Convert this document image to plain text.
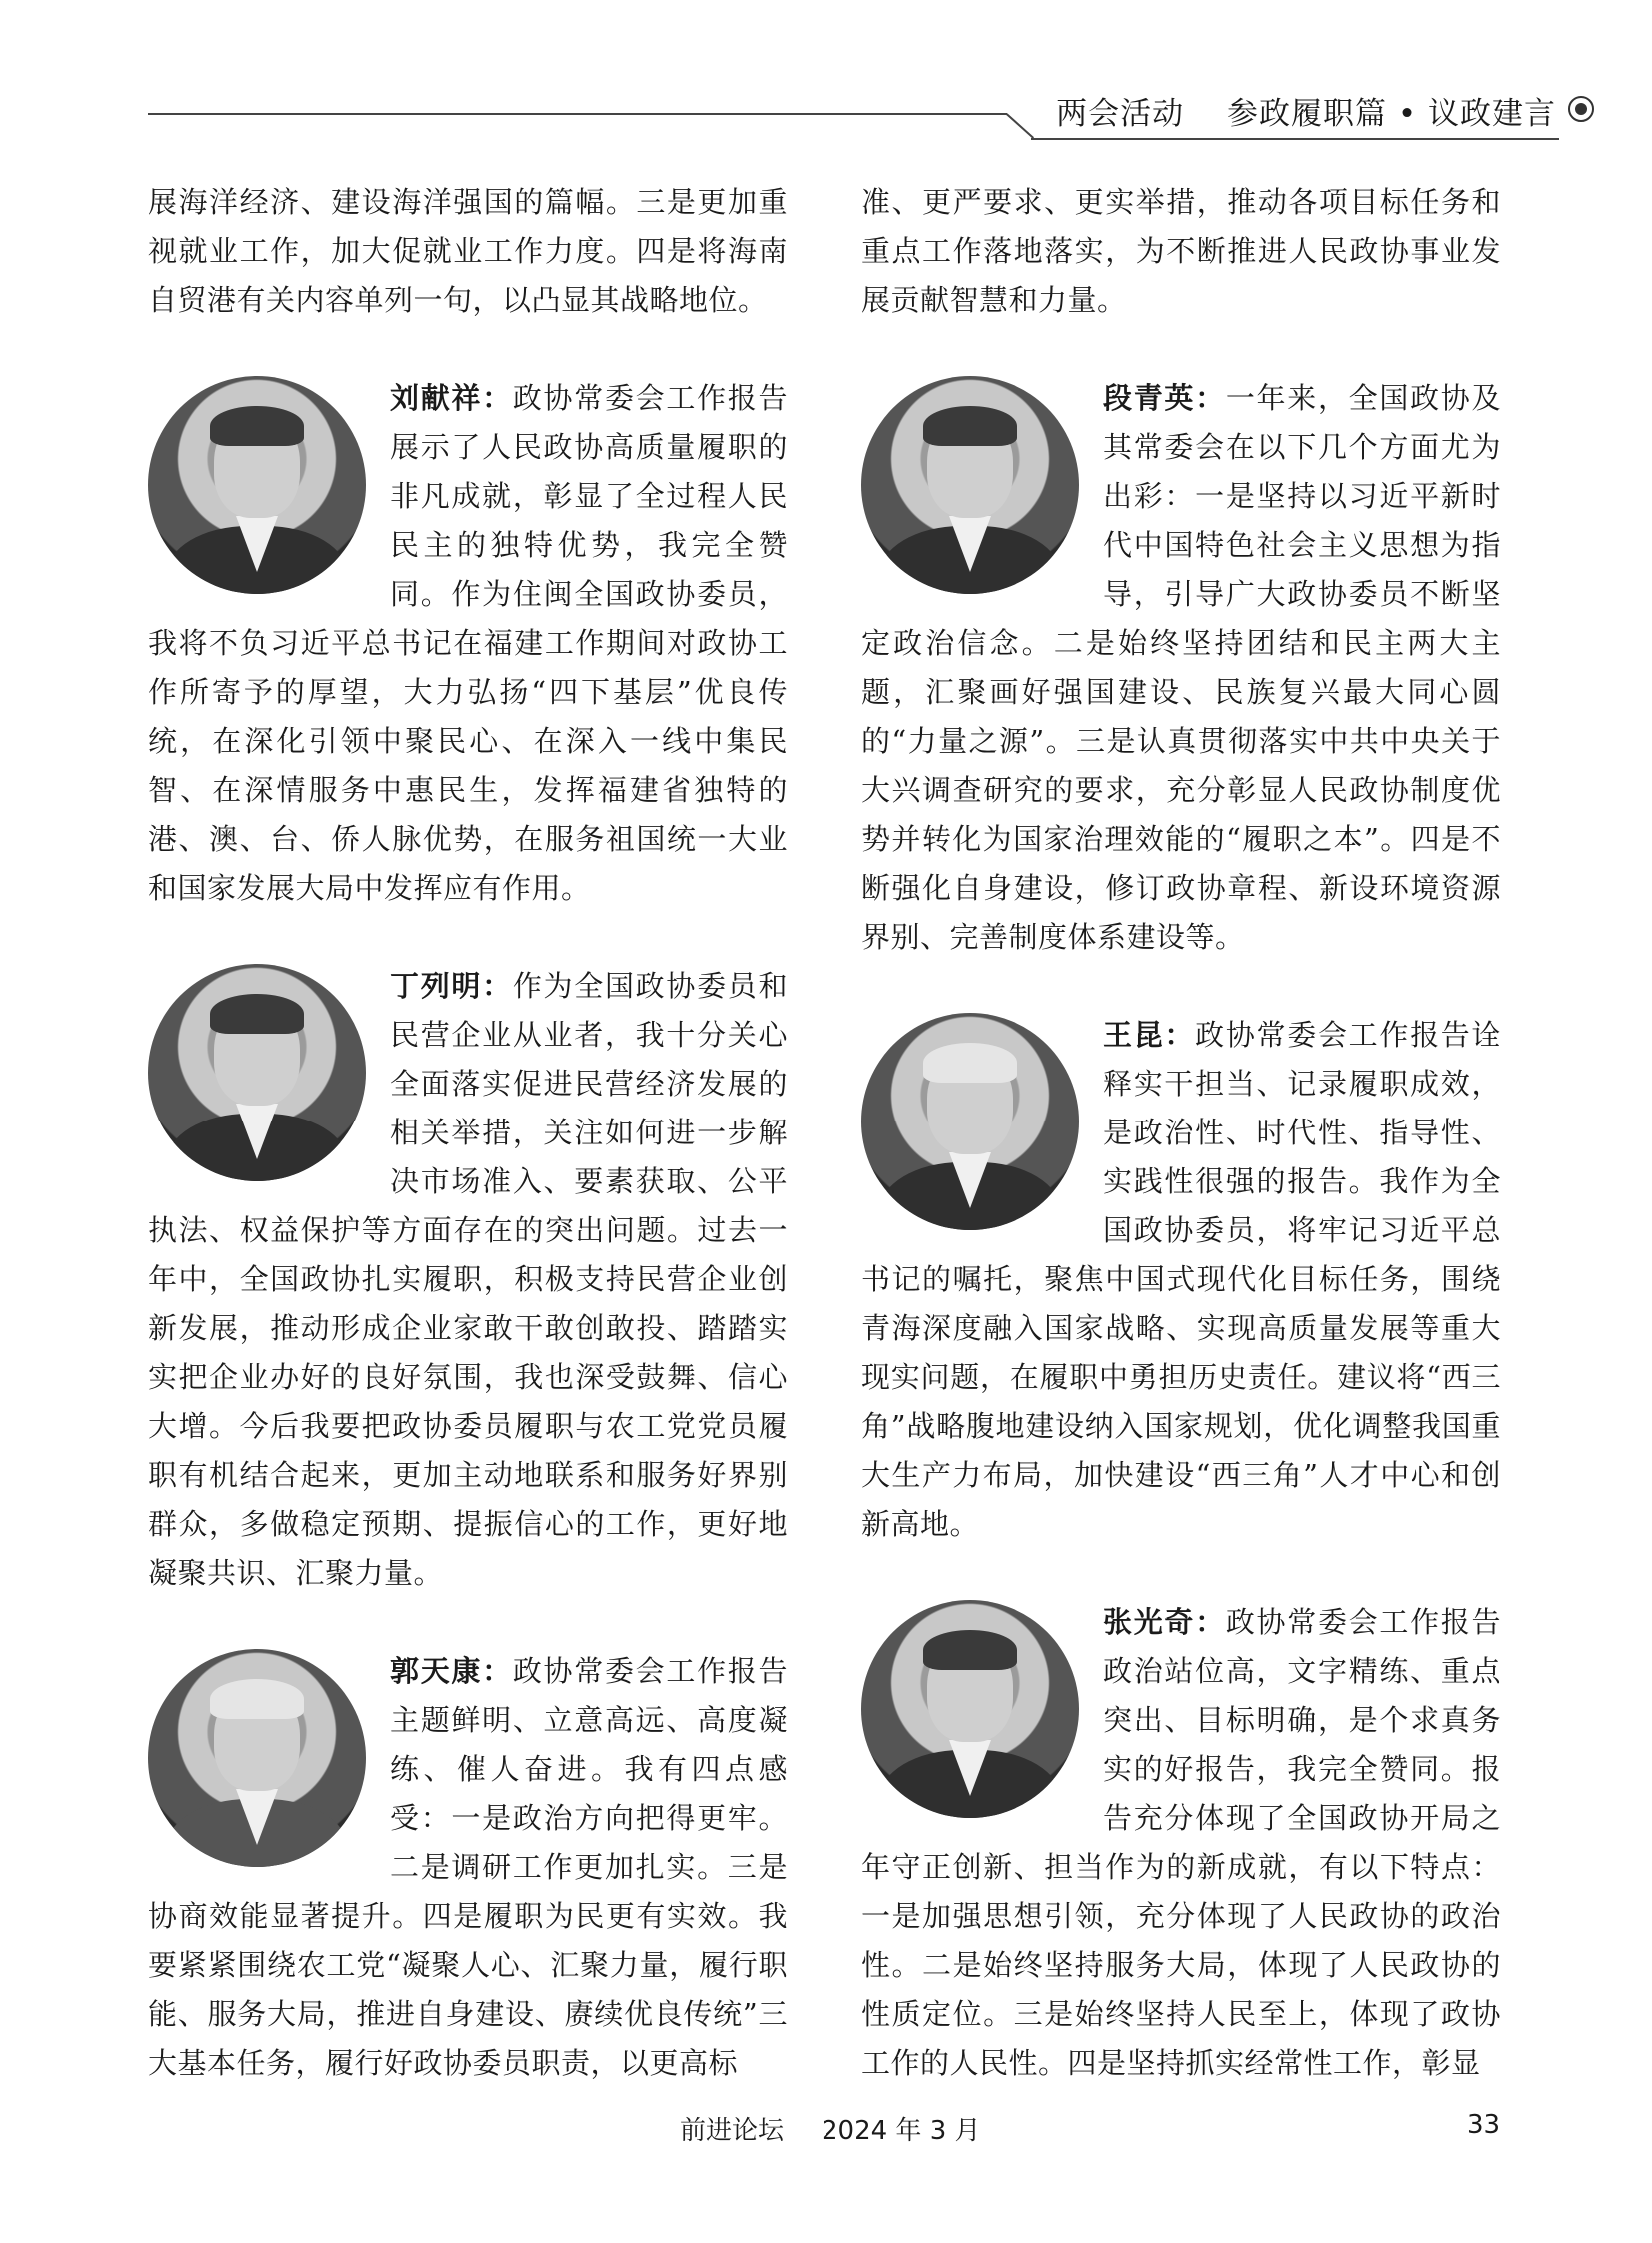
两会活动 参政履职篇 • 议政建言

展海洋经济、建设海洋强国的篇幅。三是更加重视就业工作，加大促就业工作力度。四是将海南自贸港有关内容单列一句，以凸显其战略地位。

刘献祥：政协常委会工作报告展示了人民政协高质量履职的非凡成就，彰显了全过程人民民主的独特优势，我完全赞同。作为住闽全国政协委员，我将不负习近平总书记在福建工作期间对政协工作所寄予的厚望，大力弘扬“四下基层”优良传统，在深化引领中聚民心、在深入一线中集民智、在深情服务中惠民生，发挥福建省独特的港、澳、台、侨人脉优势，在服务祖国统一大业和国家发展大局中发挥应有作用。

丁列明：作为全国政协委员和民营企业从业者，我十分关心全面落实促进民营经济发展的相关举措，关注如何进一步解决市场准入、要素获取、公平执法、权益保护等方面存在的突出问题。过去一年中，全国政协扎实履职，积极支持民营企业创新发展，推动形成企业家敢干敢创敢投、踏踏实实把企业办好的良好氛围，我也深受鼓舞、信心大增。今后我要把政协委员履职与农工党党员履职有机结合起来，更加主动地联系和服务好界别群众，多做稳定预期、提振信心的工作，更好地凝聚共识、汇聚力量。

郭天康：政协常委会工作报告主题鲜明、立意高远、高度凝练、催人奋进。我有四点感受：一是政治方向把得更牢。二是调研工作更加扎实。三是协商效能显著提升。四是履职为民更有实效。我要紧紧围绕农工党“凝聚人心、汇聚力量，履行职能、服务大局，推进自身建设、赓续优良传统”三大基本任务，履行好政协委员职责，以更高标

准、更严要求、更实举措，推动各项目标任务和重点工作落地落实，为不断推进人民政协事业发展贡献智慧和力量。

段青英：一年来，全国政协及其常委会在以下几个方面尤为出彩：一是坚持以习近平新时代中国特色社会主义思想为指导，引导广大政协委员不断坚定政治信念。二是始终坚持团结和民主两大主题，汇聚画好强国建设、民族复兴最大同心圆的“力量之源”。三是认真贯彻落实中共中央关于大兴调查研究的要求，充分彰显人民政协制度优势并转化为国家治理效能的“履职之本”。四是不断强化自身建设，修订政协章程、新设环境资源界别、完善制度体系建设等。

王昆：政协常委会工作报告诠释实干担当、记录履职成效，是政治性、时代性、指导性、实践性很强的报告。我作为全国政协委员，将牢记习近平总书记的嘱托，聚焦中国式现代化目标任务，围绕青海深度融入国家战略、实现高质量发展等重大现实问题，在履职中勇担历史责任。建议将“西三角”战略腹地建设纳入国家规划，优化调整我国重大生产力布局，加快建设“西三角”人才中心和创新高地。

张光奇：政协常委会工作报告政治站位高，文字精练、重点突出、目标明确，是个求真务实的好报告，我完全赞同。报告充分体现了全国政协开局之年守正创新、担当作为的新成就，有以下特点：一是加强思想引领，充分体现了人民政协的政治性。二是始终坚持服务大局，体现了人民政协的性质定位。三是始终坚持人民至上，体现了政协工作的人民性。四是坚持抓实经常性工作，彰显

前进论坛 2024 年 3 月	33
